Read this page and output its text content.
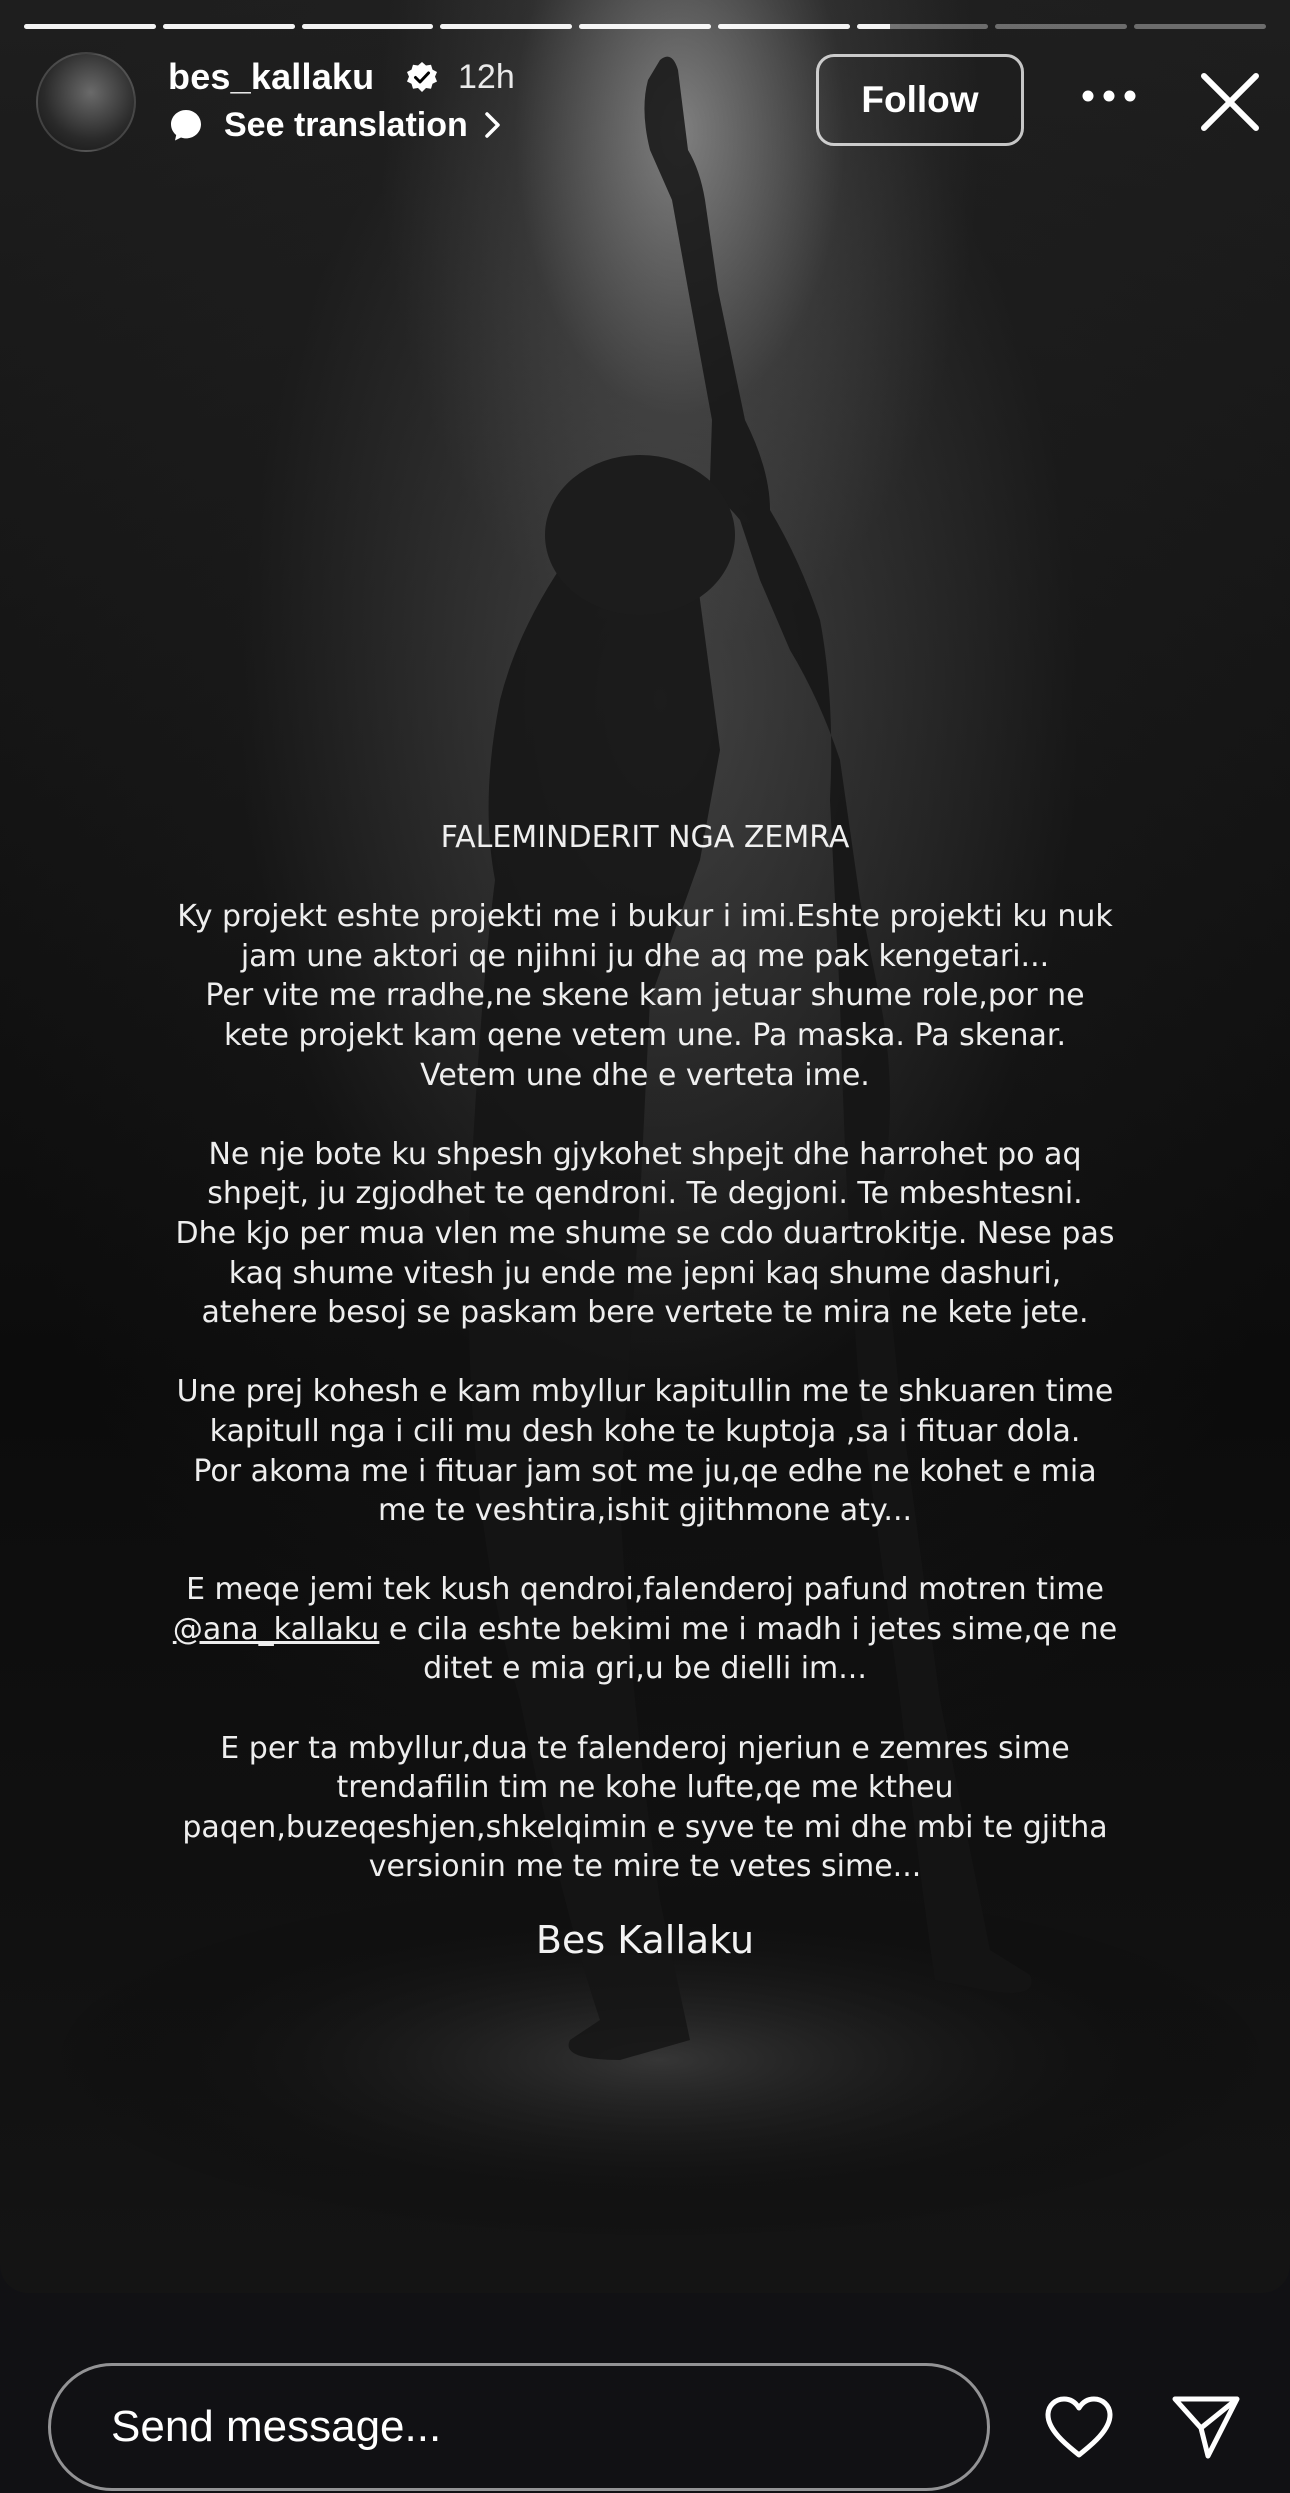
bes_kallaku 12h
See translation
Follow

FALEMINDERIT NGA ZEMRA

Ky projekt eshte projekti me i bukur i imi.Eshte projekti ku nuk
jam une aktori qe njihni ju dhe aq me pak kengetari...
Per vite me rradhe,ne skene kam jetuar shume role,por ne
kete projekt kam qene vetem une. Pa maska. Pa skenar.
Vetem une dhe e verteta ime.

Ne nje bote ku shpesh gjykohet shpejt dhe harrohet po aq
shpejt, ju zgjodhet te qendroni. Te degjoni. Te mbeshtesni.
Dhe kjo per mua vlen me shume se cdo duartrokitje. Nese pas
kaq shume vitesh ju ende me jepni kaq shume dashuri,
atehere besoj se paskam bere vertete te mira ne kete jete.

Une prej kohesh e kam mbyllur kapitullin me te shkuaren time
kapitull nga i cili mu desh kohe te kuptoja ,sa i fituar dola.
Por akoma me i fituar jam sot me ju,qe edhe ne kohet e mia
me te veshtira,ishit gjithmone aty...

E meqe jemi tek kush qendroi,falenderoj pafund motren time
@ana_kallaku e cila eshte bekimi me i madh i jetes sime,qe ne
ditet e mia gri,u be dielli im...

E per ta mbyllur,dua te falenderoj njeriun e zemres sime
trendafilin tim ne kohe lufte,qe me ktheu
paqen,buzeqeshjen,shkelqimin e syve te mi dhe mbi te gjitha
versionin me te mire te vetes sime...

Bes Kallaku
Send message...
